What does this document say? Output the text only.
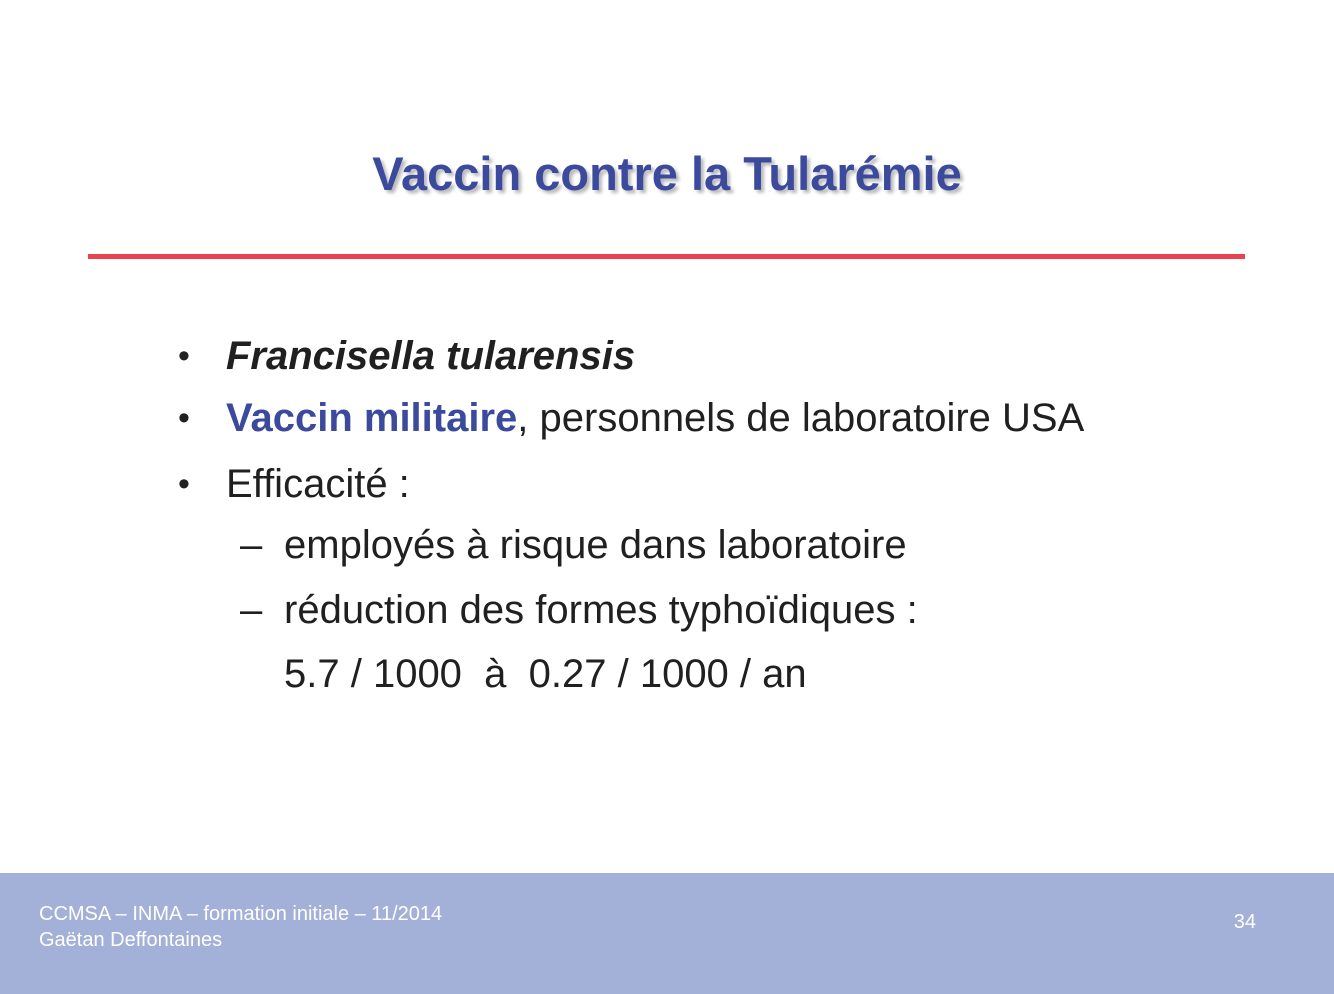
Vaccin contre la Tularémie
• Francisella tularensis
• Vaccin militaire, personnels de laboratoire USA
• Efficacité :
– employés à risque dans laboratoire
– réduction des formes typhoïdiques :
5.7 / 1000  à  0.27 / 1000 / an
CCMSA – INMA – formation initiale – 11/2014
Gaëtan Deffontaines
34
